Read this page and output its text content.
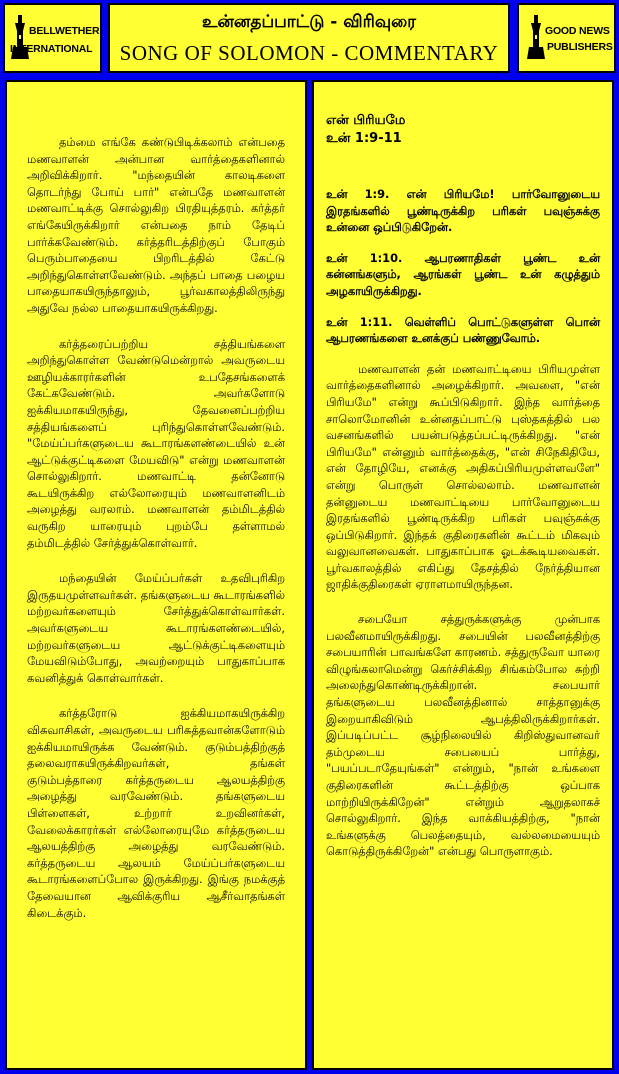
BELLWETHER
INTERNATIONAL
உன்னதப்பாட்டு - விரிவுரை
SONG OF SOLOMON - COMMENTARY
GOOD NEWS
PUBLISHERS

தம்மை எங்கே கண்டுபிடிக்கலாம் என்பதை மணவாளன் அன்பான வார்த்தைகளினால் அறிவிக்கிறார். "மந்தையின் காலடிகளை தொடர்ந்து போய் பார்" என்பதே மணவாளன் மணவாட்டிக்கு சொல்லுகிற பிரதியுத்தரம். கர்த்தர் எங்கேயிருக்கிறார் என்பதை நாம் தேடிப் பார்க்கவேண்டும். கர்த்தரிடத்திற்குப் போகும் பெரும்பாதையை பிறரிடத்தில் கேட்டு அறிந்துகொள்ளவேண்டும். அந்தப் பாதை பழைய பாதையாகயிருந்தாலும், பூர்வகாலத்திலிருந்து அதுவே நல்ல பாதையாகயிருக்கிறது.

கர்த்தரைப்பற்றிய சத்தியங்களை அறிந்துகொள்ள வேண்டுமென்றால் அவருடைய ஊழியக்காரர்களின் உபதேசங்களைக் கேட்கவேண்டும். அவர்களோடு ஐக்கியமாகயிருந்து, தேவனைப்பற்றிய சத்தியங்களைப் புரிந்துகொள்ளவேண்டும். "மேய்ப்பர்களுடைய கூடாரங்களண்டையில் உன் ஆட்டுக்குட்டிகளை மேயவிடு" என்று மணவாளன் சொல்லுகிறார். மணவாட்டி தன்னோடு கூடயிருக்கிற எல்லோரையும் மணவாளனிடம் அழைத்து வரலாம். மணவாளன் தம்மிடத்தில் வருகிற யாரையும் புறம்பே தள்ளாமல் தம்மிடத்தில் சேர்த்துக்கொள்வார்.

மந்தையின் மேய்ப்பர்கள் உதவிபுரிகிற இருதயமுள்ளவர்கள். தங்களுடைய கூடாரங்களில் மற்றவர்களையும் சேர்த்துக்கொள்வார்கள். அவர்களுடைய கூடாரங்களண்டையில், மற்றவர்களுடைய ஆட்டுக்குட்டிகளையும் மேயவிடும்போது, அவற்றையும் பாதுகாப்பாக கவனித்துக் கொள்வார்கள்.

கர்த்தரோடு ஐக்கியமாகயிருக்கிற விசுவாசிகள், அவருடைய பரிசுத்தவான்களோடும் ஐக்கியமாயிருக்க வேண்டும். குடும்பத்திற்குத் தலைவராகயிருக்கிறவர்கள், தங்கள் குடும்பத்தாரை கர்த்தருடைய ஆலயத்திற்கு அழைத்து வரவேண்டும். தங்களுடைய பிள்ளைகள், உற்றார் உறவினர்கள், வேலைக்காரர்கள் எல்லோரையுமே கர்த்தருடைய ஆலயத்திற்கு அழைத்து வரவேண்டும். கர்த்தருடைய ஆலயம் மேய்ப்பர்களுடைய கூடாரங்களைப்போல இருக்கிறது. இங்கு நமக்குத் தேவையான ஆவிக்குரிய ஆசீர்வாதங்கள் கிடைக்கும்.

என் பிரியமே
உன் 1:9-11
உன் 1:9. என் பிரியமே! பார்வோனுடைய இரதங்களில் பூண்டிருக்கிற பரிகள் பவுஞ்சுக்கு உன்னை ஒப்பிடுகிறேன்.
உன் 1:10. ஆபரணாதிகள் பூண்ட உன் கன்னங்களும், ஆரங்கள் பூண்ட உன் கழுத்தும் அழகாயிருக்கிறது.
உன் 1:11. வெள்ளிப் பொட்டுகளுள்ள பொன் ஆபரணங்களை உனக்குப் பண்ணுவோம்.

மணவாளன் தன் மணவாட்டியை பிரியமுள்ள வார்த்தைகளினால் அழைக்கிறார். அவளை, "என் பிரியமே" என்று கூப்பிடுகிறார். இந்த வார்த்தை சாலொமோனின் உன்னதப்பாட்டு புஸ்தகத்தில் பல வசனங்களில் பயன்படுத்தப்பட்டிருக்கிறது. "என் பிரியமே" என்னும் வார்த்தைக்கு, "என் சிநேகிதியே, என் தோழியே, எனக்கு அதிகப்பிரியமுள்ளவளே" என்று பொருள் சொல்லலாம். மணவாளன் தன்னுடைய மணவாட்டியை பார்வோனுடைய இரதங்களில் பூண்டிருக்கிற பரிகள் பவுஞ்சுக்கு ஒப்பிடுகிறார். இந்தக் குதிரைகளின் கூட்டம் மிகவும் வலுவானவைகள். பாதுகாப்பாக ஓடக்கூடியவைகள். பூர்வகாலத்தில் எகிப்து தேசத்தில் நேர்த்தியான ஜாதிக்குதிரைகள் ஏராளமாயிருந்தன.

சபையோ சத்துருக்களுக்கு முன்பாக பலவீனமாயிருக்கிறது. சபையின் பலவீனத்திற்கு சபையாரின் பாவங்களே காரணம். சத்துருவோ யாரை விழுங்கலாமென்று கெர்ச்சிக்கிற சிங்கம்போல சுற்றி அலைந்துகொண்டிருக்கிறான். சபையார் தங்களுடைய பலவீனத்தினால் சாத்தானுக்கு இறையாகிவிடும் ஆபத்திலிருக்கிறார்கள். இப்படிப்பட்ட சூழ்நிலையில் கிறிஸ்துவானவர் தம்முடைய சபையைப் பார்த்து, "பயப்படாதேயுங்கள்" என்றும், "நான் உங்களை குதிரைகளின் கூட்டத்திற்கு ஒப்பாக மாற்றியிருக்கிறேன்" என்றும் ஆறுதலாகச் சொல்லுகிறார். இந்த வாக்கியத்திற்கு, "நான் உங்களுக்கு பெலத்தையும், வல்லமையையும் கொடுத்திருக்கிறேன்" என்பது பொருளாகும்.
